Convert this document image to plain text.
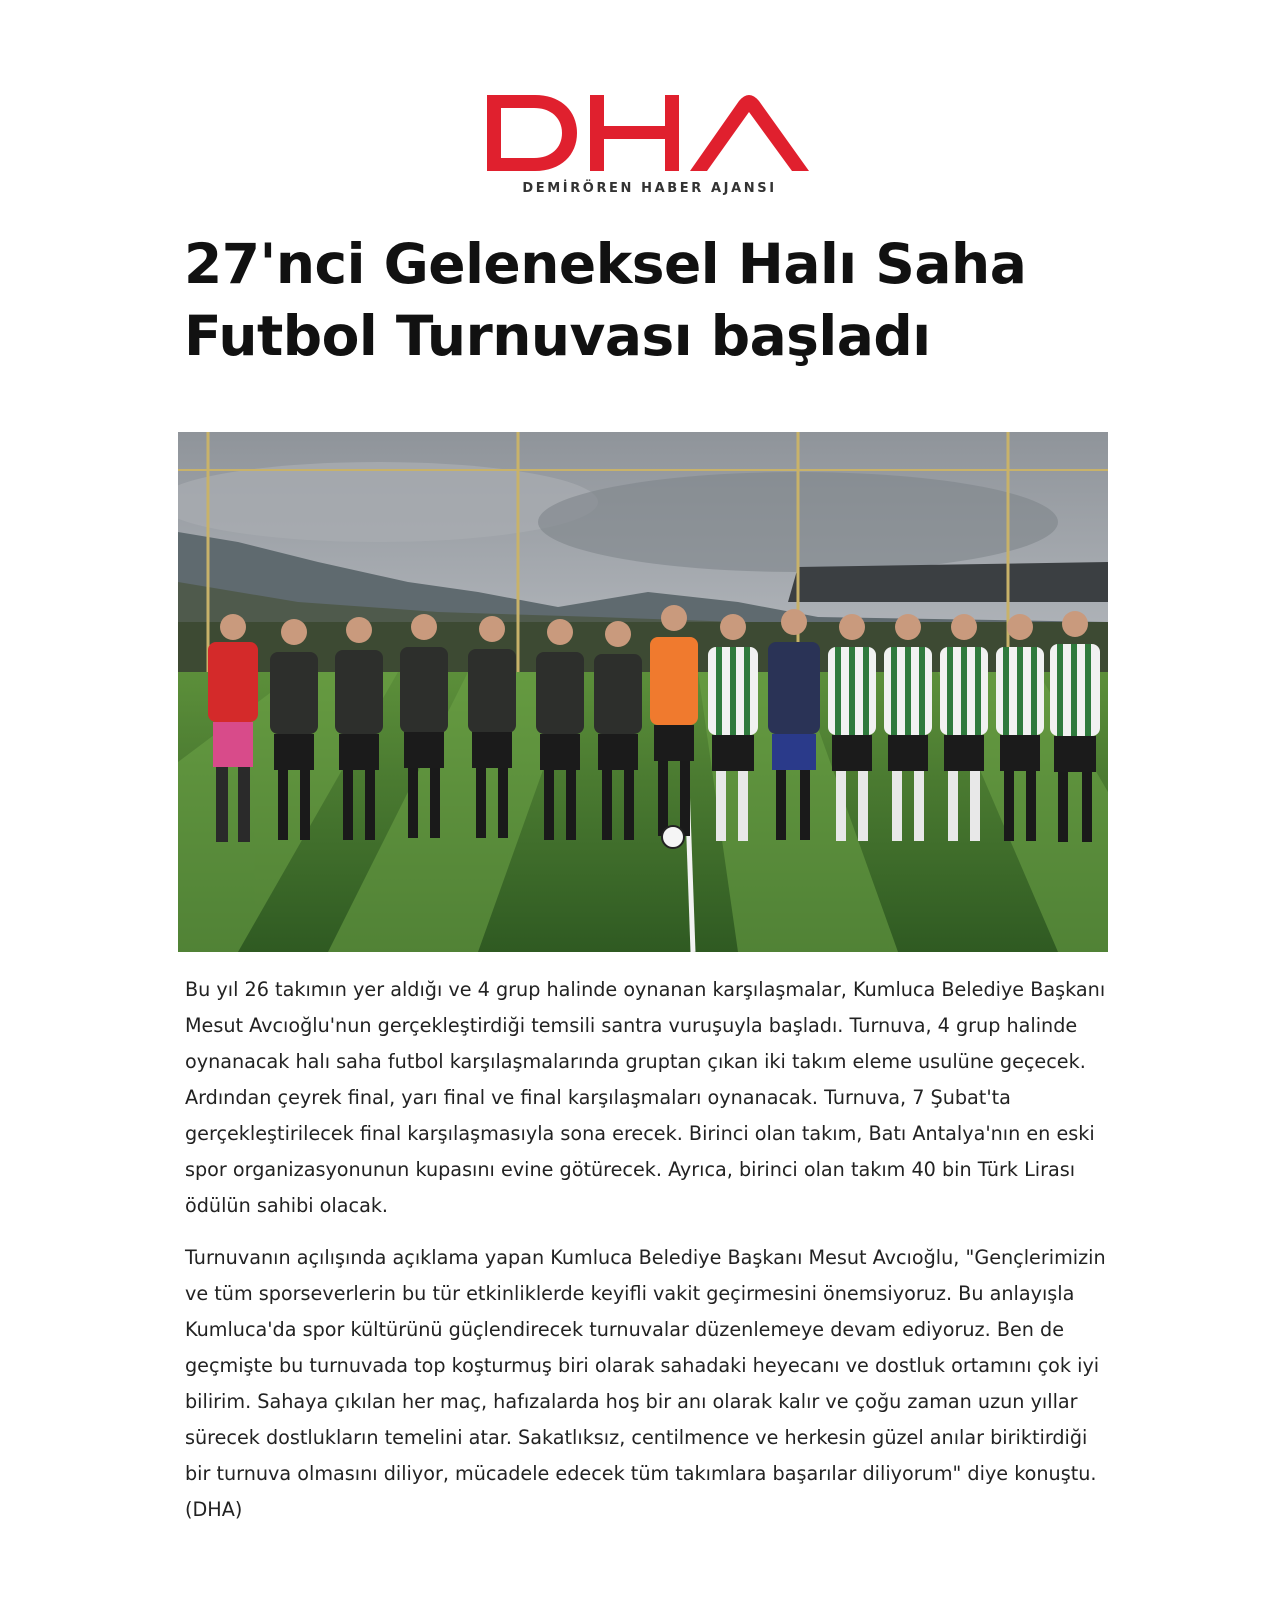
DEMİRÖREN HABER AJANSI
27'nci Geleneksel Halı Saha Futbol Turnuvası başladı

Bu yıl 26 takımın yer aldığı ve 4 grup halinde oynanan karşılaşmalar, Kumluca Belediye Başkanı Mesut Avcıoğlu'nun gerçekleştirdiği temsili santra vuruşuyla başladı. Turnuva, 4 grup halinde oynanacak halı saha futbol karşılaşmalarında gruptan çıkan iki takım eleme usulüne geçecek. Ardından çeyrek final, yarı final ve final karşılaşmaları oynanacak. Turnuva, 7 Şubat'ta gerçekleştirilecek final karşılaşmasıyla sona erecek. Birinci olan takım, Batı Antalya'nın en eski spor organizasyonunun kupasını evine götürecek. Ayrıca, birinci olan takım 40 bin Türk Lirası ödülün sahibi olacak.

Turnuvanın açılışında açıklama yapan Kumluca Belediye Başkanı Mesut Avcıoğlu, "Gençlerimizin ve tüm sporseverlerin bu tür etkinliklerde keyifli vakit geçirmesini önemsiyoruz. Bu anlayışla Kumluca'da spor kültürünü güçlendirecek turnuvalar düzenlemeye devam ediyoruz. Ben de geçmişte bu turnuvada top koşturmuş biri olarak sahadaki heyecanı ve dostluk ortamını çok iyi bilirim. Sahaya çıkılan her maç, hafızalarda hoş bir anı olarak kalır ve çoğu zaman uzun yıllar sürecek dostlukların temelini atar. Sakatlıksız, centilmence ve herkesin güzel anılar biriktirdiği bir turnuva olmasını diliyor, mücadele edecek tüm takımlara başarılar diliyorum" diye konuştu. (DHA)
